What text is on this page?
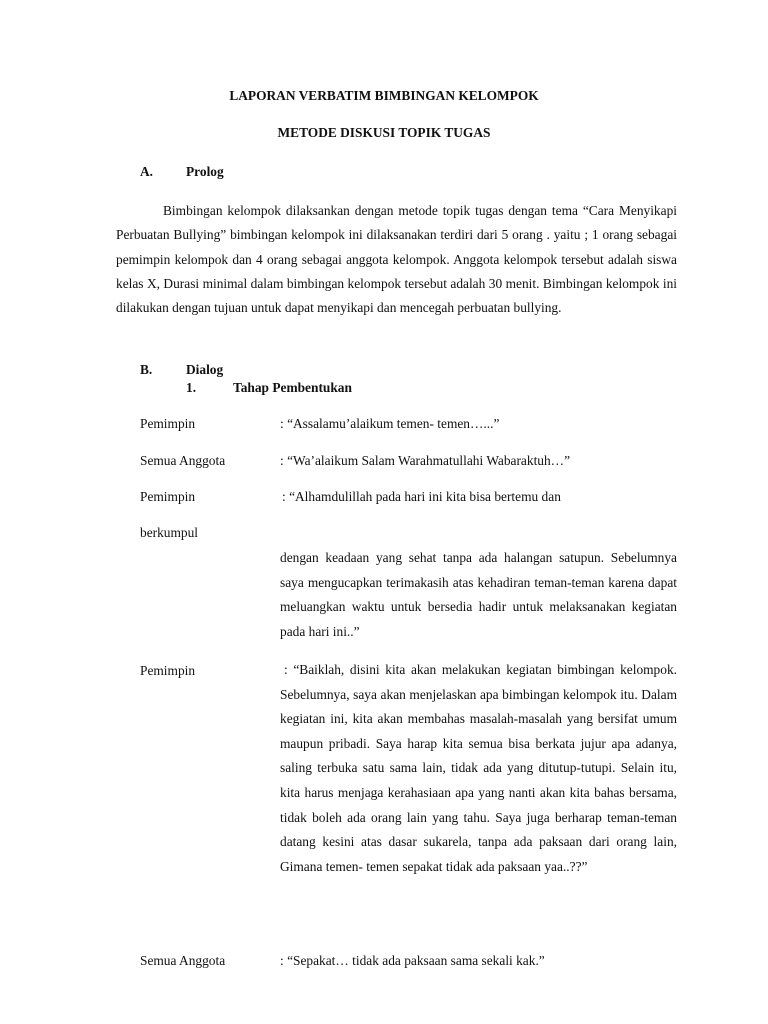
LAPORAN VERBATIM BIMBINGAN KELOMPOK
METODE DISKUSI TOPIK TUGAS
A. Prolog
Bimbingan kelompok dilaksankan dengan metode topik tugas dengan tema “Cara Menyikapi Perbuatan Bullying” bimbingan kelompok ini dilaksanakan terdiri dari 5 orang . yaitu ; 1 orang sebagai pemimpin kelompok dan 4 orang sebagai anggota kelompok. Anggota kelompok tersebut adalah siswa kelas X, Durasi minimal dalam bimbingan kelompok tersebut adalah 30 menit. Bimbingan kelompok ini dilakukan dengan tujuan untuk dapat menyikapi dan mencegah perbuatan bullying.
B.	Dialog
1.	Tahap Pembentukan
Pemimpin	: “Assalamu’alaikum temen- temen…...”
Semua Anggota	: “Wa’alaikum Salam Warahmatullahi Wabaraktuh…”
Pemimpin	: “Alhamdulillah pada hari ini kita bisa bertemu dan
berkumpul
dengan keadaan yang sehat tanpa ada halangan satupun. Sebelumnya saya mengucapkan terimakasih atas kehadiran teman-teman karena dapat meluangkan waktu untuk bersedia hadir untuk melaksanakan kegiatan pada hari ini..”
Pemimpin	: “Baiklah, disini kita akan melakukan kegiatan bimbingan kelompok. Sebelumnya, saya akan menjelaskan apa bimbingan kelompok itu. Dalam kegiatan ini, kita akan membahas masalah-masalah yang bersifat umum maupun pribadi. Saya harap kita semua bisa berkata jujur apa adanya, saling terbuka satu sama lain, tidak ada yang ditutup-tutupi. Selain itu, kita harus menjaga kerahasiaan apa yang nanti akan kita bahas bersama, tidak boleh ada orang lain yang tahu. Saya juga berharap teman-teman datang kesini atas dasar sukarela, tanpa ada paksaan dari orang lain, Gimana temen- temen sepakat tidak ada paksaan yaa..??”
Semua Anggota	: “Sepakat… tidak ada paksaan sama sekali kak.”
